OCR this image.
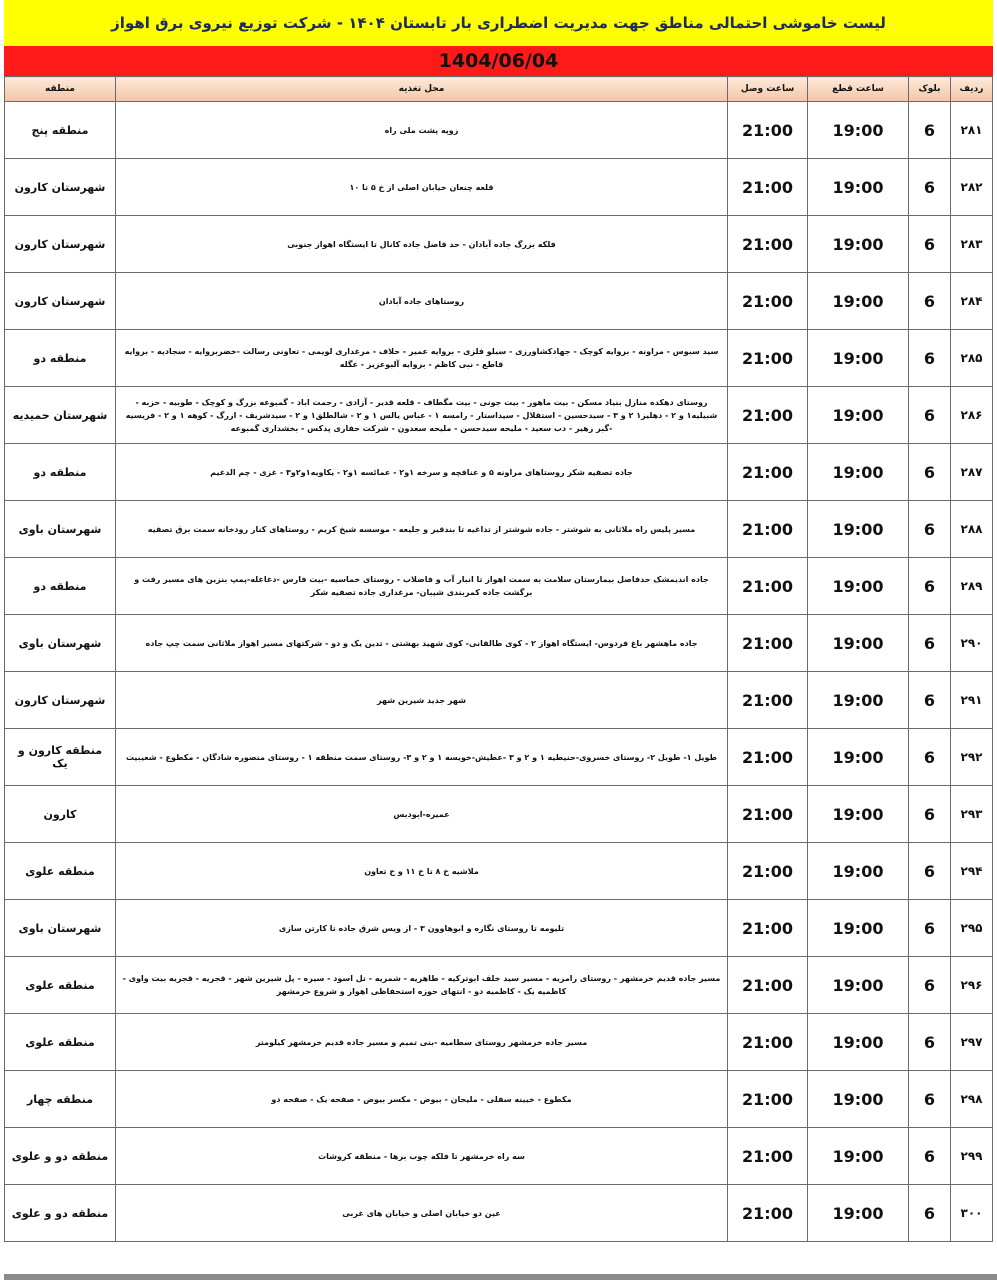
لیست خاموشی احتمالی مناطق جهت مدیریت اضطراری بار تابستان ۱۴۰۴ - شرکت توزیع نیروی برق اهواز
1404/06/04
ردیف	بلوک	ساعت قطع	ساعت وصل	محل تغذیه	منطقه
۲۸۱	6	19:00	21:00	زوپه پشت ملی راه	منطقه پنج
۲۸۲	6	19:00	21:00	قلعه چنعان خیابان اصلی از خ ۵ تا ۱۰	شهرستان کارون
۲۸۳	6	19:00	21:00	فلکه بزرگ جاده آبادان - حد فاصل جاده کانال تا ایستگاه اهواز جنوبی	شهرستان کارون
۲۸۴	6	19:00	21:00	روستاهای جاده آبادان	شهرستان کارون
۲۸۵	6	19:00	21:00	سید سبوس - مراونه - بروایه کوچک - جهادکشاورزی - سیلو فلزی - بروایه عمیر - حلاف - مرغداری لویمی - تعاونی رسالت -خضربروایه - سجادیه - بروایه قاطع - نبی کاظم - بروایه آلبوعزیز - عگله	منطقه دو
۲۸۶	6	19:00	21:00	روستای دهکده منازل بنیاد مسکن - بیت ماهور - بیت جونی - بیت مگطاف - قلعه قدیر - آزادی - رحمت اباد - گمبوعه بزرگ و کوچک - طوبیه - حزبه - شبیلیه۱ و ۲ - دهلیز۱ ۲ و ۳ - سیدحسین - استقلال - سیداستار - رامسه ۱ - عباس یالس ۱ و ۲ - شالطلق۱ و ۲ - سیدشریف - ازرگ - کوهه ۱ و ۲ - فریسیه -گبر زهیر - دب سعید - ملیحه سیدحسن - ملیحه سعدون - شرکت حفاری پدکس - بخشداری گمبوعه	شهرستان حمیدیه
۲۸۷	6	19:00	21:00	جاده تصفیه شکر روستاهای مراونه ۵ و عنافچه و سرخه ۱و۲ - عمائسه ۱و۲ - یکاویه۱و۲و۳ - غزی - چم الدغیم	منطقه دو
۲۸۸	6	19:00	21:00	مسیر پلیس راه ملاثانی به شوشتر - جاده شوشتر از تداغیه تا بندقیر و جلیعه - موسسه شیخ کریم - روستاهای کنار رودخانه سمت برق تصفیه	شهرستان باوی
۲۸۹	6	19:00	21:00	جاده اندیمشک حدفاصل بیمارستان سلامت به سمت اهواز تا انبار آب و فاضلاب - روستای خماسیه -بیت فارس -دغاغله-پمپ بنزین های مسیر رفت و برگشت جاده کمربندی شیبان- مرغداری جاده تصفیه شکر	منطقه دو
۲۹۰	6	19:00	21:00	جاده ماهشهر باغ فردوس- ایستگاه اهواز ۲ - کوی طالقانی- کوی شهید بهشتی - تدین یک و دو - شرکتهای مسیر اهواز ملاثانی سمت چپ جاده	شهرستان باوی
۲۹۱	6	19:00	21:00	شهر جدید شیرین شهر	شهرستان کارون
۲۹۲	6	19:00	21:00	طویل ۱- طویل ۲- روستای خسروی-حنیطیه ۱ و ۲ و ۳ -عطیش-خویسه ۱ و ۲ و ۳- روستای سمت منطقه ۱ - روستای منصوره شادگان - مکطوع - شعیبیت	منطقه کارون و یک
۲۹۳	6	19:00	21:00	عمیره-ابودبس	کارون
۲۹۴	6	19:00	21:00	ملاشیه خ ۸ تا خ ۱۱ و خ تعاون	منطقه علوی
۲۹۵	6	19:00	21:00	تلیومه تا روستای نگازه و ابوهاوون ۳ - از ویس شرق جاده تا کارتن سازی	شهرستان باوی
۲۹۶	6	19:00	21:00	مسیر جاده قدیم خرمشهر - روستای رامزیه - مسیر سید خلف ابوترکیه - طاهریه - شمریه - تل اسود - سیره - پل شیرین شهر - قجریه - قجریه بیت واوی - کاظمیه یک - کاظمیه دو - انتهای حوزه استحفاظی اهواز و شروع خرمشهر	منطقه علوی
۲۹۷	6	19:00	21:00	مسیر جاده خرمشهر روستای سطامیه -بنی تمیم و مسیر جاده قدیم خرمشهر کیلومتر	منطقه علوی
۲۹۸	6	19:00	21:00	مکطوع - خیینه سفلی - ملیحان - بیوض - مکسر بیوض - صفحه یک - صفحه دو	منطقه چهار
۲۹۹	6	19:00	21:00	سه راه خرمشهر تا فلکه چوب برها - منطقه کروشات	منطقه دو و علوی
۳۰۰	6	19:00	21:00	عین دو خیابان اصلی و خیابان های غربی	منطقه دو و علوی
